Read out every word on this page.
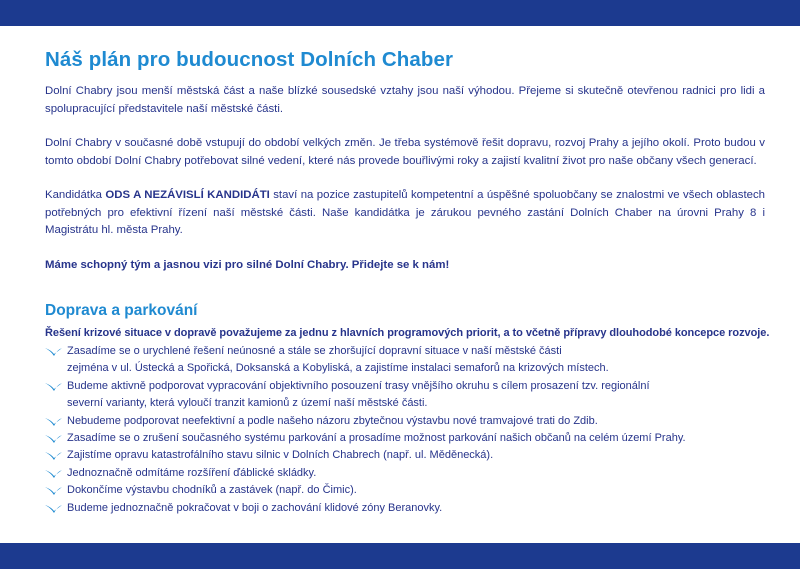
Náš plán pro budoucnost Dolních Chaber

Dolní Chabry jsou menší městská část a naše blízké sousedské vztahy jsou naší výhodou. Přejeme si skutečně otevřenou radnici pro lidi a spolupracující představitele naší městské části.

Dolní Chabry v současné době vstupují do období velkých změn. Je třeba systémově řešit dopravu, rozvoj Prahy a jejího okolí. Proto budou v tomto období Dolní Chabry potřebovat silné vedení, které nás provede bouřlivými roky a zajistí kvalitní život pro naše občany všech generací.

Kandidátka ODS A NEZÁVISLÍ KANDIDÁTI staví na pozice zastupitelů kompetentní a úspěšné spoluobčany se znalostmi ve všech oblastech potřebných pro efektivní řízení naší městské části. Naše kandidátka je zárukou pevného zastání Dolních Chaber na úrovni Prahy 8 i Magistrátu hl. města Prahy.

Máme schopný tým a jasnou vizi pro silné Dolní Chabry. Přidejte se k nám!

Doprava a parkování

Řešení krizové situace v dopravě považujeme za jednu z hlavních programových priorit, a to včetně přípravy dlouhodobé koncepce rozvoje.

Zasadíme se o urychlené řešení neúnosné a stále se zhoršující dopravní situace v naší městské části
zejména v ul. Ústecká a Spořická, Doksanská a Kobyliská, a zajistíme instalaci semaforů na krizových místech.
Budeme aktivně podporovat vypracování objektivního posouzení trasy vnějšího okruhu s cílem prosazení tzv. regionální
severní varianty, která vyloučí tranzit kamionů z území naší městské části.
Nebudeme podporovat neefektivní a podle našeho názoru zbytečnou výstavbu nové tramvajové trati do Zdib.
Zasadíme se o zrušení současného systému parkování a prosadíme možnost parkování našich občanů na celém území Prahy.
Zajistíme opravu katastrofálního stavu silnic v Dolních Chabrech (např. ul. Měděnecká).
Jednoznačně odmítáme rozšíření ďáblické skládky.
Dokončíme výstavbu chodníků a zastávek (např. do Čimic).
Budeme jednoznačně pokračovat v boji o zachování klidové zóny Beranovky.
